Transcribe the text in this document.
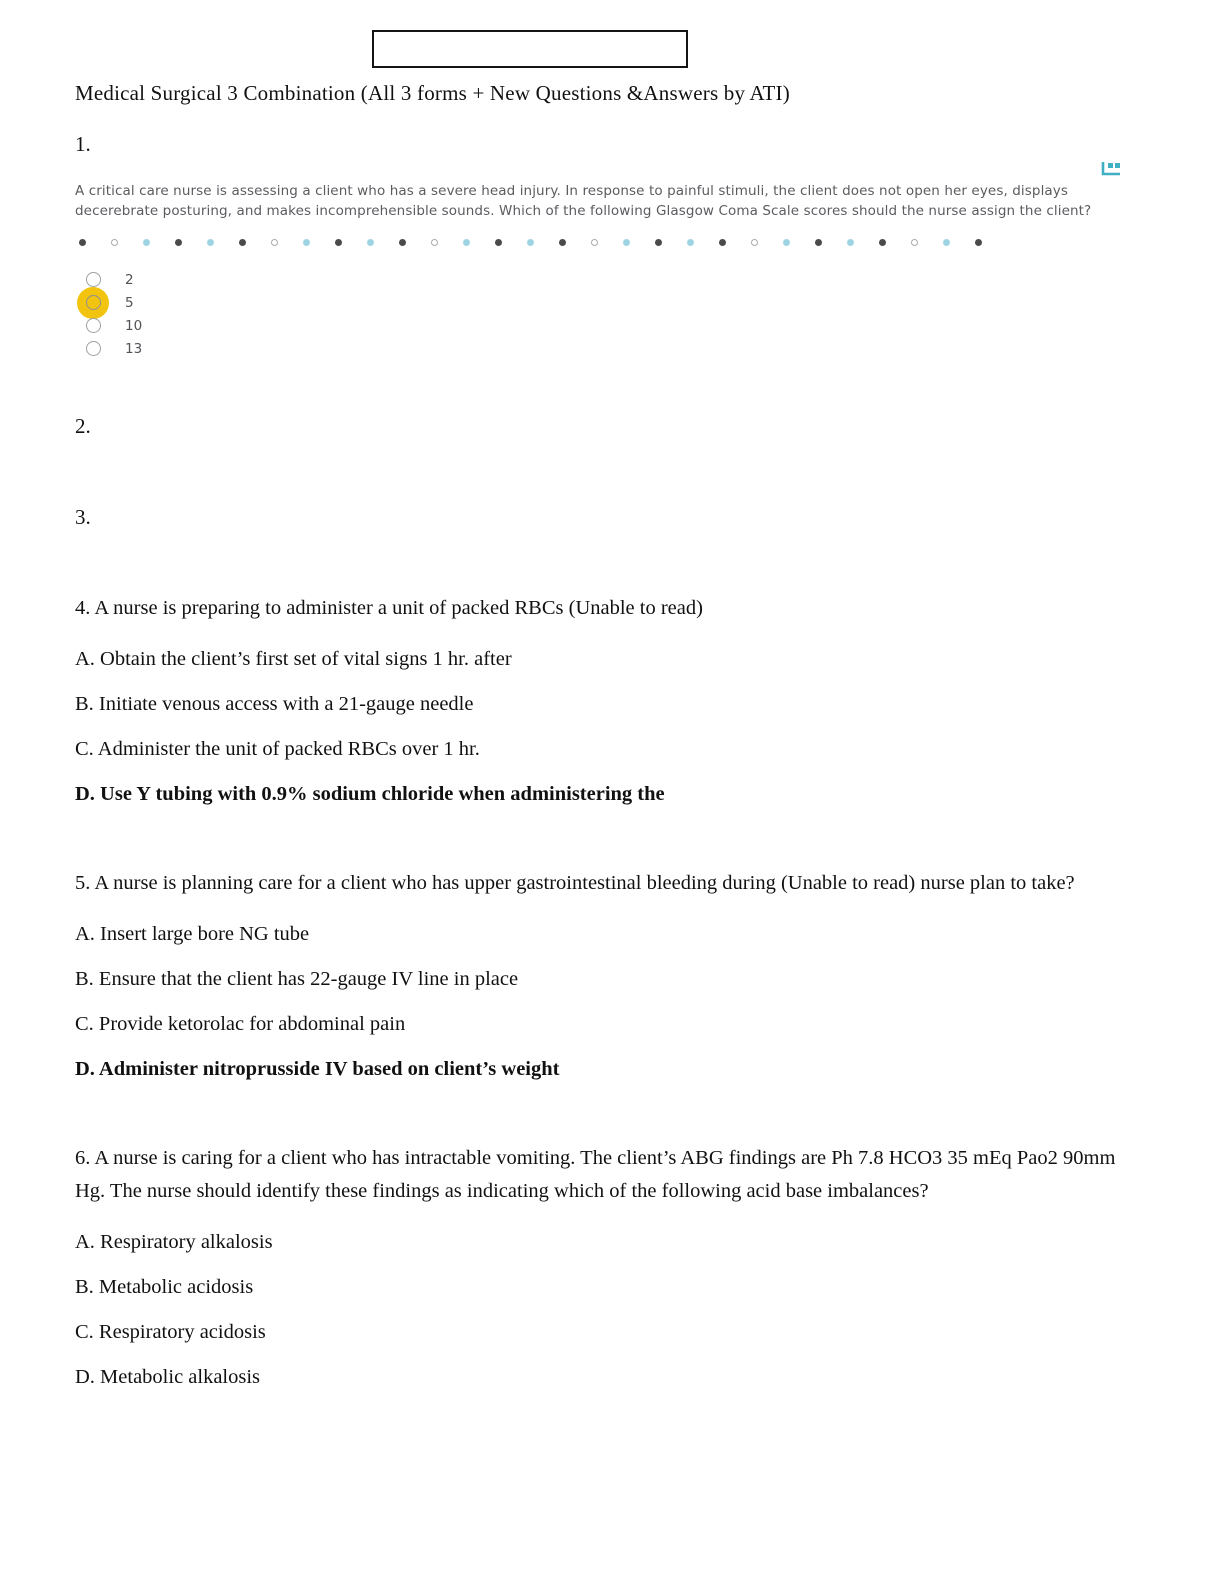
Medical Surgical 3 Combination (All 3 forms + New Questions &Answers by ATI)
1.

A critical care nurse is assessing a client who has a severe head injury. In response to painful stimuli, the client does not open her eyes, displays decerebrate posturing, and makes incomprehensible sounds. Which of the following Glasgow Coma Scale scores should the nurse assign the client?

2
5
10
13
2.
3.

4. A nurse is preparing to administer a unit of packed RBCs (Unable to read)

A. Obtain the client’s first set of vital signs 1 hr. after

B. Initiate venous access with a 21-gauge needle

C. Administer the unit of packed RBCs over 1 hr.

D. Use Y tubing with 0.9% sodium chloride when administering the

5. A nurse is planning care for a client who has upper gastrointestinal bleeding during (Unable to read) nurse plan to take?

A. Insert large bore NG tube

B. Ensure that the client has 22-gauge IV line in place

C. Provide ketorolac for abdominal pain

D. Administer nitroprusside IV based on client’s weight

6. A nurse is caring for a client who has intractable vomiting. The client’s ABG findings are Ph 7.8 HCO3 35 mEq Pao2 90mm Hg. The nurse should identify these findings as indicating which of the following acid base imbalances?

A. Respiratory alkalosis

B. Metabolic acidosis

C. Respiratory acidosis

D. Metabolic alkalosis
